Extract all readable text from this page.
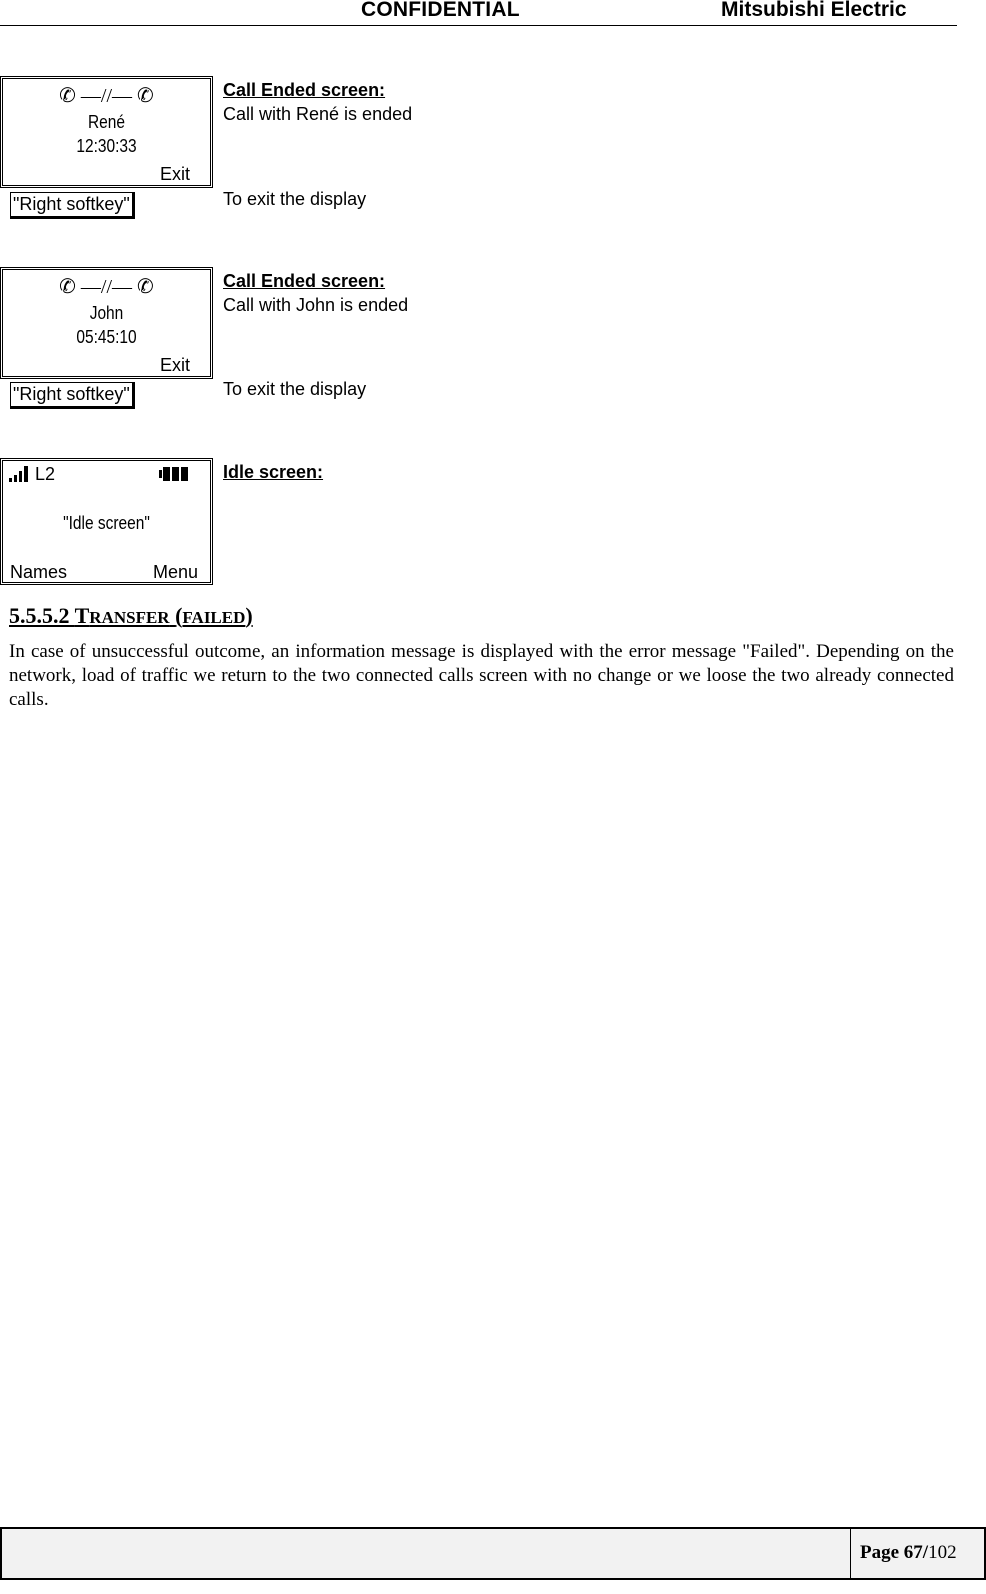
CONFIDENTIAL	Mitsubishi Electric
✆ —//— ✆
René
12:30:33
Exit
Call Ended screen:
Call with René is ended
"Right softkey"	To exit the display
✆ —//— ✆
John
05:45:10
Exit
Call Ended screen:
Call with John is ended
"Right softkey"	To exit the display
L2
"Idle screen"
Names	Menu
Idle screen:
5.5.5.2 TRANSFER (FAILED)

In case of unsuccessful outcome, an information message is displayed with the error message "Failed". Depending on the network, load of traffic we return to the two connected calls screen with no change or we loose the two already connected calls.

Page 67/102
